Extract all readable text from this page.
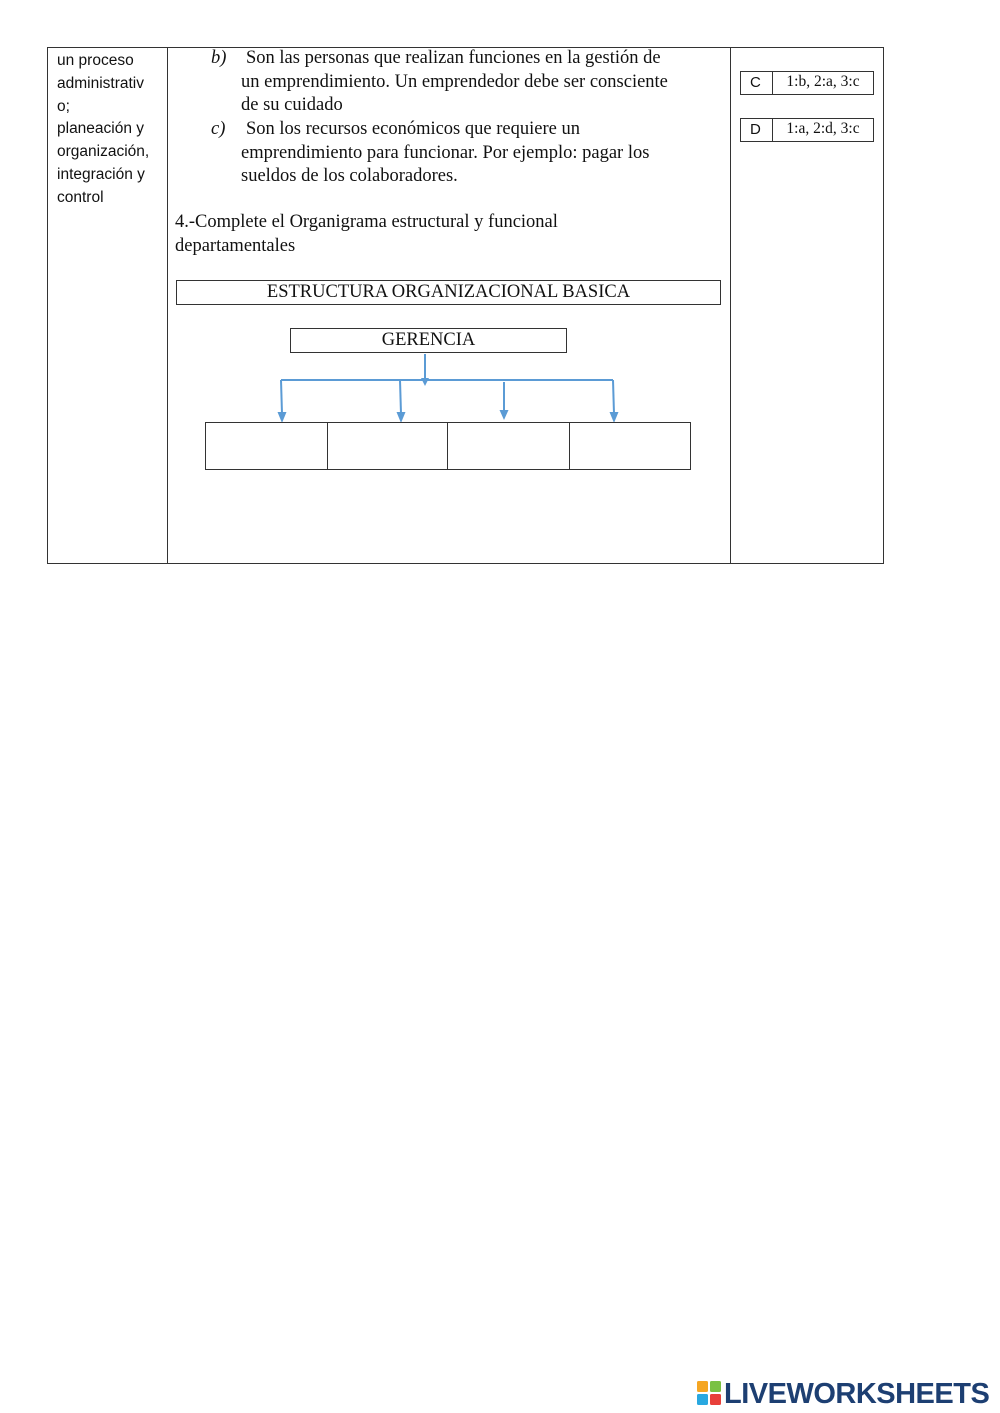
un proceso
administrativ
o;
planeación y
organización,
integración y
control
b) Son las personas que realizan funciones en la gestión de
un emprendimiento. Un emprendedor debe ser consciente
de su cuidado
c) Son los recursos económicos que requiere un
emprendimiento para funcionar. Por ejemplo: pagar los
sueldos de los colaboradores.
4.-Complete el Organigrama estructural y funcional
departamentales
ESTRUCTURA ORGANIZACIONAL BASICA
GERENCIA
C	1:b, 2:a, 3:c
D	1:a, 2:d, 3:c
LIVEWORKSHEETS
